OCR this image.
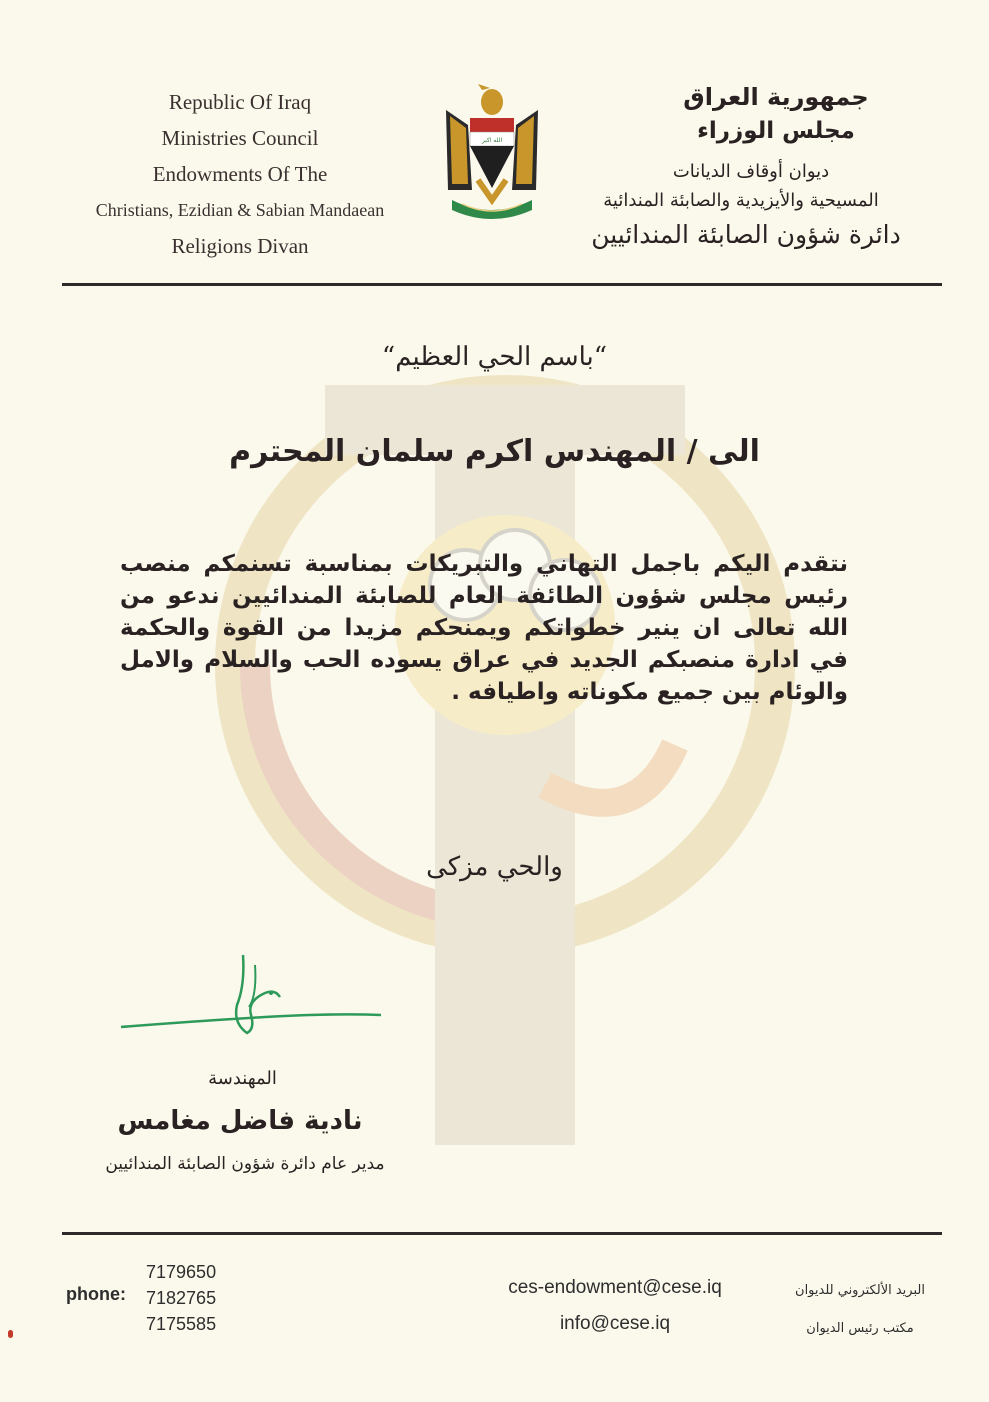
Republic Of Iraq
Ministries Council
Endowments Of The
Christians, Ezidian & Sabian Mandaean
Religions Divan
الله اكبر
جمهورية العراق
مجلس الوزراء
ديوان أوقاف الديانات
المسيحية والأيزيدية والصابئة المندائية
دائرة شؤون الصابئة المندائيين
“باسم الحي العظيم“
الى / المهندس اكرم سلمان المحترم
نتقدم اليكم باجمل التهاني والتبريكات بمناسبة تسنمكم منصب رئيس مجلس شؤون الطائفة العام للصابئة المندائيين ندعو من الله تعالى ان ينير خطواتكم ويمنحكم مزيدا من القوة والحكمة في ادارة منصبكم الجديد في عراق يسوده الحب والسلام والامل والوئام بين جميع مكوناته واطيافه .
والحي مزكى
المهندسة
نادية فاضل مغامس
مدير عام دائرة شؤون الصابئة المندائيين
phone:
7179650
7182765
7175585
ces-endowment@cese.iq
info@cese.iq
البريد الألكتروني للديوان
مكتب رئيس الديوان
